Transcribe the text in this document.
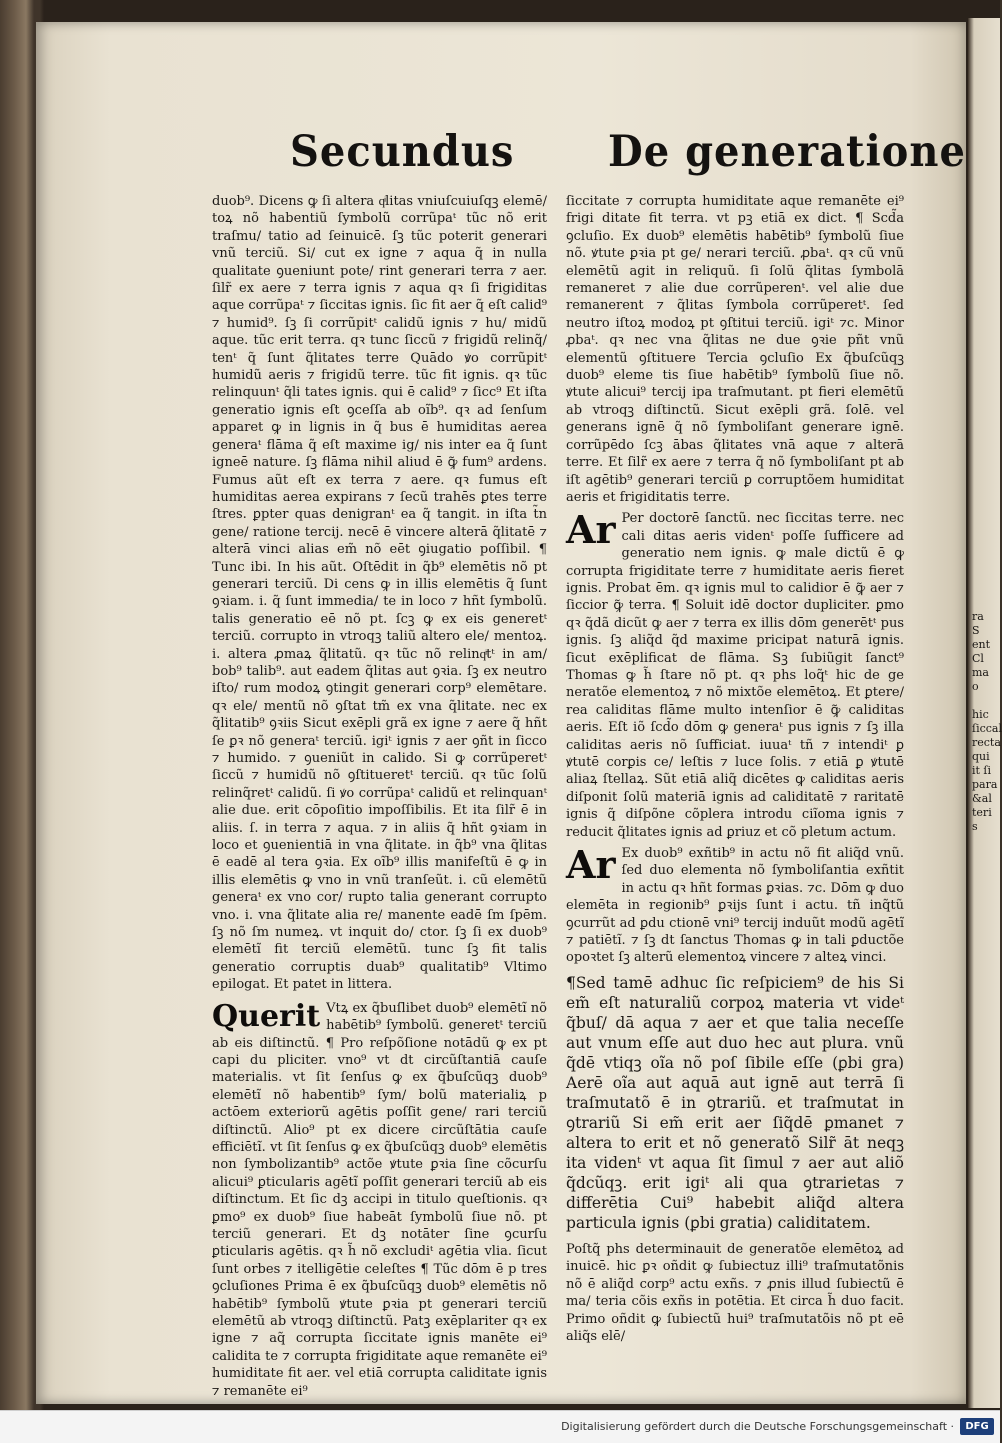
Secundus De generatione

duob⁹. Dicens ꝙ ſi altera qͥlitas vniuſcuiuſqꝫ elemē/ toꝝ nõ habentiũ ſymbolũ corrũpaᵗ tũc nõ erit traſmu/ tatio ad ſeinuicē. ſꝫ tũc poterit generari vnũ terciũ. Si/ cut ex igne ⁊ aqua q̃ in nulla qualitate ꝯueniunt pote/ rint generari terra ⁊ aer. ſilr̃ ex aere ⁊ terra ignis ⁊ aqua qꝛ ſi frigiditas aque corrũpaᵗ ⁊ ſiccitas ignis. ſic fit aer q̃ eſt calid⁹ ⁊ humid⁹. ſꝫ ſi corrũpitᵗ calidũ ignis ⁊ hu/ midũ aque. tũc erit terra. qꝛ tunc ſiccũ ⁊ frigidũ relinq̃/ tenᵗ q̃ ſunt q̃litates terre Quādo ꝟo corrũpitᵗ humidũ aeris ⁊ frigidũ terre. tũc fit ignis. qꝛ tũc relinquunᵗ q̃li tates ignis. qui ē calid⁹ ⁊ ſicc⁹ Et iſta generatio ignis eſt ꝯceſſa ab oĩb⁹. qꝛ ad ſenſum apparet ꝙ in lignis in q̃ bus ē humiditas aerea generaᵗ flāma q̃ eſt maxime ig/ nis inter ea q̃ ſunt igneē nature. ſꝫ flāma nihil aliud ē ꝙ̃ fum⁹ ardens. Fumus aũt eſt ex terra ⁊ aere. qꝛ fumus eſt humiditas aerea expirans ⁊ ſecũ trahēs ꝑtes terre ſtres. ꝑpter quas denigranᵗ ea q̃ tangit. in iſta t̃n gene/ ratione tercij. necē ē vincere alterā q̃litatē ⁊ alterā vinci alias em̃ nõ eēt ꝯiugatio poſſibil. ¶ Tunc ibi. In his aũt. Oſtēdit in q̃b⁹ elemētis nõ pt generari terciũ. Di cens ꝙ in illis elemētis q̃ ſunt ꝯꝛiam. i. q̃ ſunt immedia/ te in loco ⁊ hñt ſymbolũ. talis generatio eē nõ pt. ſcꝫ ꝙ ex eis generetᵗ terciũ. corrupto in vtroqꝫ taliũ altero ele/ mentoꝝ. i. altera ꝓmaꝝ q̃litatũ. qꝛ tũc nõ relinqͥtᵗ in am/ bob⁹ talib⁹. aut eadem q̃litas aut ꝯꝛia. ſꝫ ex neutro iſto/ rum modoꝝ ꝯtingit generari corp⁹ elemētare. qꝛ ele/ mentũ nõ ꝯſtat tm̃ ex vna q̃litate. nec ex q̃litatib⁹ ꝯꝛiis Sicut exēpli grã ex igne ⁊ aere q̃ hñt ſe ꝑꝛ nõ generaᵗ terciũ. igiᵗ ignis ⁊ aer ꝯñt in ſicco ⁊ humido. ⁊ ꝯueniũt in calido. Si ꝙ corrũperetᵗ ſiccũ ⁊ humidũ nõ ꝯſtitueretᵗ terciũ. qꝛ tũc ſolũ relinq̃retᵗ calidũ. ſi ꝟo corrũpaᵗ calidũ et relinquanᵗ alie due. erit cōpoſitio impoſſibilis. Et ita ſilr̃ ē in aliis. ſ. in terra ⁊ aqua. ⁊ in aliis q̃ hñt ꝯꝛiam in loco et ꝯuenientiā in vna q̃litate. in q̃b⁹ vna q̃litas ē eadē al tera ꝯꝛia. Ex oĩb⁹ illis manifeſtũ ē ꝙ in illis elemētis ꝙ vno in vnũ tranſeũt. i. cũ elemētũ generaᵗ ex vno cor/ rupto talia generant corrupto vno. i. vna q̃litate alia re/ manente eadē ſm ſpēm. ſꝫ nõ ſm numeꝝ. vt inquit do/ ctor. ſꝫ ſi ex duob⁹ elemētĩ fit terciũ elemētũ. tunc ſꝫ fit talis generatio corruptis duab⁹ qualitatib⁹ Vltimo epilogat. Et patet in littera.

Querit Vtꝝ ex q̃buſlibet duob⁹ elemētĩ nõ habētib⁹ ſymbolũ. generetᵗ terciũ ab eis diſtinctũ. ¶ Pro reſpõſione notādũ ꝙ ex pt capi du pliciter. vno⁹ vt dt circũſtantiā cauſe materialis. vt ſit ſenſus ꝙ ex q̃buſcũqꝫ duob⁹ elemētĩ nõ habentib⁹ ſym/ bolũ materialiꝝ p actōem exteriorũ agētis poſſit gene/ rari terciũ diſtinctũ. Alio⁹ pt ex dicere circũſtātia cauſe efficiētĩ. vt ſit ſenſus ꝙ ex q̃buſcũqꝫ duob⁹ elemētis non ſymbolizantib⁹ actõe ꝟtute ꝑꝛia ſine cõcurſu alicui⁹ ꝑticularis agētĩ poſſit generari terciũ ab eis diſtinctum. Et ſic dꝫ accipi in titulo queſtionis. qꝛ ꝑmo⁹ ex duob⁹ ſiue habeāt ſymbolũ ſiue nõ. pt terciũ generari. Et dꝫ notāter ſine ꝯcurſu ꝑticularis agētis. qꝛ h̃ nõ excludiᵗ agētia vlia. ſicut ſunt orbes ⁊ itelligētie celeſtes ¶ Tũc dōm ē p tres ꝯcluſiones Prima ē ex q̃buſcũqꝫ duob⁹ elemētis nõ habētib⁹ ſymbolũ ꝟtute ꝑꝛia pt generari terciũ elemētũ ab vtroqꝫ diſtinctũ. Patꝫ exēplariter qꝛ ex igne ⁊ aq̃ corrupta ſiccitate ignis manēte ei⁹ calidita te ⁊ corrupta frigiditate aque remanēte ei⁹ humiditate fit aer. vel etiā corrupta caliditate ignis ⁊ remanēte ei⁹

ſiccitate ⁊ corrupta humiditate aque remanēte ei⁹ frigi ditate fit terra. vt pꝫ etiā ex dict. ¶ Scd̃a ꝯcluſio. Ex duob⁹ elemētis habētib⁹ ſymbolũ ſiue nõ. ꝟtute ꝑꝛia pt ge/ nerari terciũ. ꝓbaᵗ. qꝛ cũ vnũ elemētũ agit in reliquũ. ſi ſolũ q̃litas ſymbolā remaneret ⁊ alie due corrũperenᵗ. vel alie due remanerent ⁊ q̃litas ſymbola corrũperetᵗ. ſed neutro iſtoꝝ modoꝝ pt ꝯſtitui terciũ. igiᵗ ⁊c. Minor ꝓbaᵗ. qꝛ nec vna q̃litas ne due ꝯꝛie pñt vnũ elementũ ꝯſtituere Tercia ꝯcluſio Ex q̃buſcũqꝫ duob⁹ eleme tis ſiue habētib⁹ ſymbolũ ſiue nõ. ꝟtute alicui⁹ tercij ipa traſmutant. pt fieri elemētũ ab vtroqꝫ diſtinctũ. Sicut exēpli grã. ſolē. vel generans ignē q̃ nõ ſymboliſant generare ignē. corrũpēdo ſcꝫ ābas q̃litates vnā aque ⁊ alterā terre. Et ſilr̃ ex aere ⁊ terra q̃ nõ ſymboliſant pt ab iſt agētib⁹ generari terciũ ꝑ corruptõem humiditat aeris et frigiditatis terre.

Ar Per doctorē ſanctũ. nec ſiccitas terre. nec cali ditas aeris videnᵗ poſſe ſufficere ad generatio nem ignis. ꝙ male dictũ ē ꝙ corrupta frigiditate terre ⁊ humiditate aeris fieret ignis. Probat ēm. qꝛ ignis mul to calidior ē ꝙ̃ aer ⁊ ſiccior ꝙ̃ terra. ¶ Soluit idē doctor dupliciter. ꝑmo qꝛ q̃dã dicũt ꝙ aer ⁊ terra ex illis dōm generētᵗ pus ignis. ſꝫ aliq̃d q̃d maxime pricipat naturā ignis. ſicut exēplificat de flāma. Sꝫ ſubiũgit ſanct⁹ Thomas ꝙ h̃ ſtare nõ pt. qꝛ phs loq̃ᵗ hic de ge neratõe elementoꝝ ⁊ nõ mixtõe elemētoꝝ. Et ꝑtere/ rea caliditas flāme multo intenſior ē ꝙ̃ caliditas aeris. Eſt iõ ſcd̃o dōm ꝙ generaᵗ pus ignis ⁊ ſꝫ illa caliditas aeris nõ ſufficiat. iuuaᵗ tñ ⁊ intendiᵗ ꝑ ꝟtutē corꝑis ce/ leſtis ⁊ luce ſolis. ⁊ etiā ꝑ ꝟtutē aliaꝝ ſtellaꝝ. Sũt etiā aliq̃ dicētes ꝙ caliditas aeris diſponit ſolũ materiā ignis ad caliditatē ⁊ raritatē ignis q̃ diſpõne cõplera introdu ciĩoma ignis ⁊ reducit q̃litates ignis ad ꝑriuz et cõ pletum actum.

Ar Ex duob⁹ exñtib⁹ in actu nõ fit aliq̃d vnũ. ſed duo elementa nõ ſymboliſantia exñtit in actu qꝛ hñt formas ꝑꝛias. ⁊c. Dōm ꝙ duo elemēta in regionib⁹ ꝑꝛijs ſunt i actu. tñ inq̃tũ ꝯcurrũt ad ꝑdu ctionē vni⁹ tercij induũt modũ agētĩ ⁊ patiētĩ. ⁊ ſꝫ dt ſanctus Thomas ꝙ in tali ꝑductõe opoꝛtet ſꝫ alterũ elementoꝝ vincere ⁊ alteꝝ vinci.

¶Sed tamē adhuc ſic reſpiciem⁹ de his Si em̃ eſt naturaliũ corpoꝝ materia vt videᵗ q̃buſ/ dā aqua ⁊ aer et que talia neceſſe aut vnum eſſe aut duo hec aut plura. vnũ q̃dē vtiqꝫ oĩa nõ poſ ſibile eſſe (ꝑbi gra) Aerē oĩa aut aquā aut ignē aut terrā ſi traſmutatõ ē in ꝯtrariũ. et traſmutat in ꝯtrariũ Si em̃ erit aer ſiq̃dē ꝑmanet ⁊ altera to erit et nõ generatõ Silr̃ āt neqꝫ ita videnᵗ vt aqua ſit ſimul ⁊ aer aut aliõ q̃dcũqꝫ. erit igiᵗ ali qua ꝯtrarietas ⁊ differētia Cui⁹ habebit aliq̃d altera particula ignis (ꝑbi gratia) caliditatem.

Poſtq̃ phs determinauit de generatõe elemētoꝝ ad inuicē. hic ꝑꝛ oñdit ꝙ ſubiectuz illi⁹ traſmutatõnis nõ ē aliq̃d corp⁹ actu exñs. ⁊ ꝓnis illud ſubiectũ ē ma/ teria cõis exñs in potētia. Et circa h̃ duo facit. Primo oñdit ꝙ ſubiectũ hui⁹ traſmutatõis nõ pt eē aliq̃s elē/

ra
S
ent
Cl
ma
o

hic
ſiccal
recta
qui
it ſi
para
&al
teri
s
Digitalisierung gefördert durch die Deutsche Forschungsgemeinschaft ·	DFG
